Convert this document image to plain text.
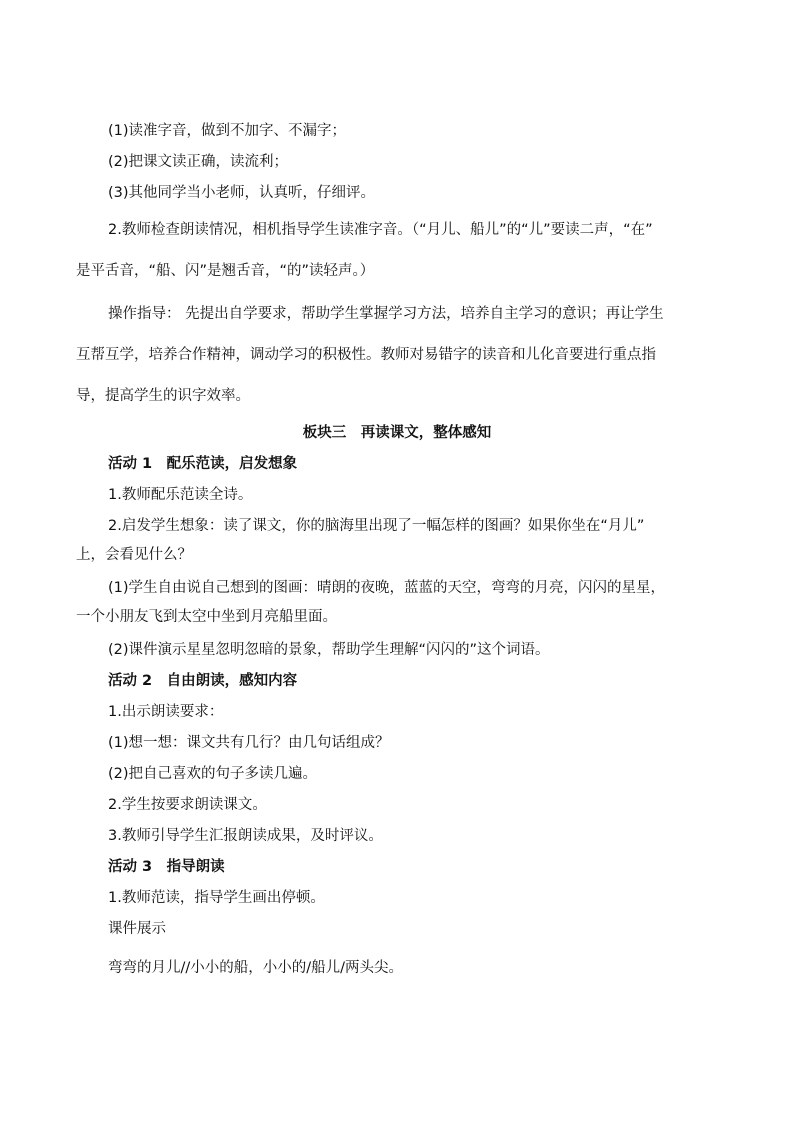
(1)读准字音，做到不加字、不漏字；
(2)把课文读正确，读流利；
(3)其他同学当小老师，认真听，仔细评。
2.教师检查朗读情况，相机指导学生读准字音。（“月儿、船儿”的“儿”要读二声，“在”
是平舌音，“船、闪”是翘舌音，“的”读轻声。）
操作指导： 先提出自学要求，帮助学生掌握学习方法，培养自主学习的意识；再让学生
互帮互学，培养合作精神，调动学习的积极性。教师对易错字的读音和儿化音要进行重点指
导，提高学生的识字效率。
板块三　再读课文，整体感知
活动 1　配乐范读，启发想象
1.教师配乐范读全诗。
2.启发学生想象：读了课文，你的脑海里出现了一幅怎样的图画？如果你坐在“月儿”
上，会看见什么？
(1)学生自由说自己想到的图画：晴朗的夜晚，蓝蓝的天空，弯弯的月亮，闪闪的星星，
一个小朋友飞到太空中坐到月亮船里面。
(2)课件演示星星忽明忽暗的景象，帮助学生理解“闪闪的”这个词语。
活动 2　自由朗读，感知内容
1.出示朗读要求：
(1)想一想：课文共有几行？由几句话组成？
(2)把自己喜欢的句子多读几遍。
2.学生按要求朗读课文。
3.教师引导学生汇报朗读成果，及时评议。
活动 3　指导朗读
1.教师范读，指导学生画出停顿。
课件展示
弯弯的月儿//小小的船，小小的/船儿/两头尖。
